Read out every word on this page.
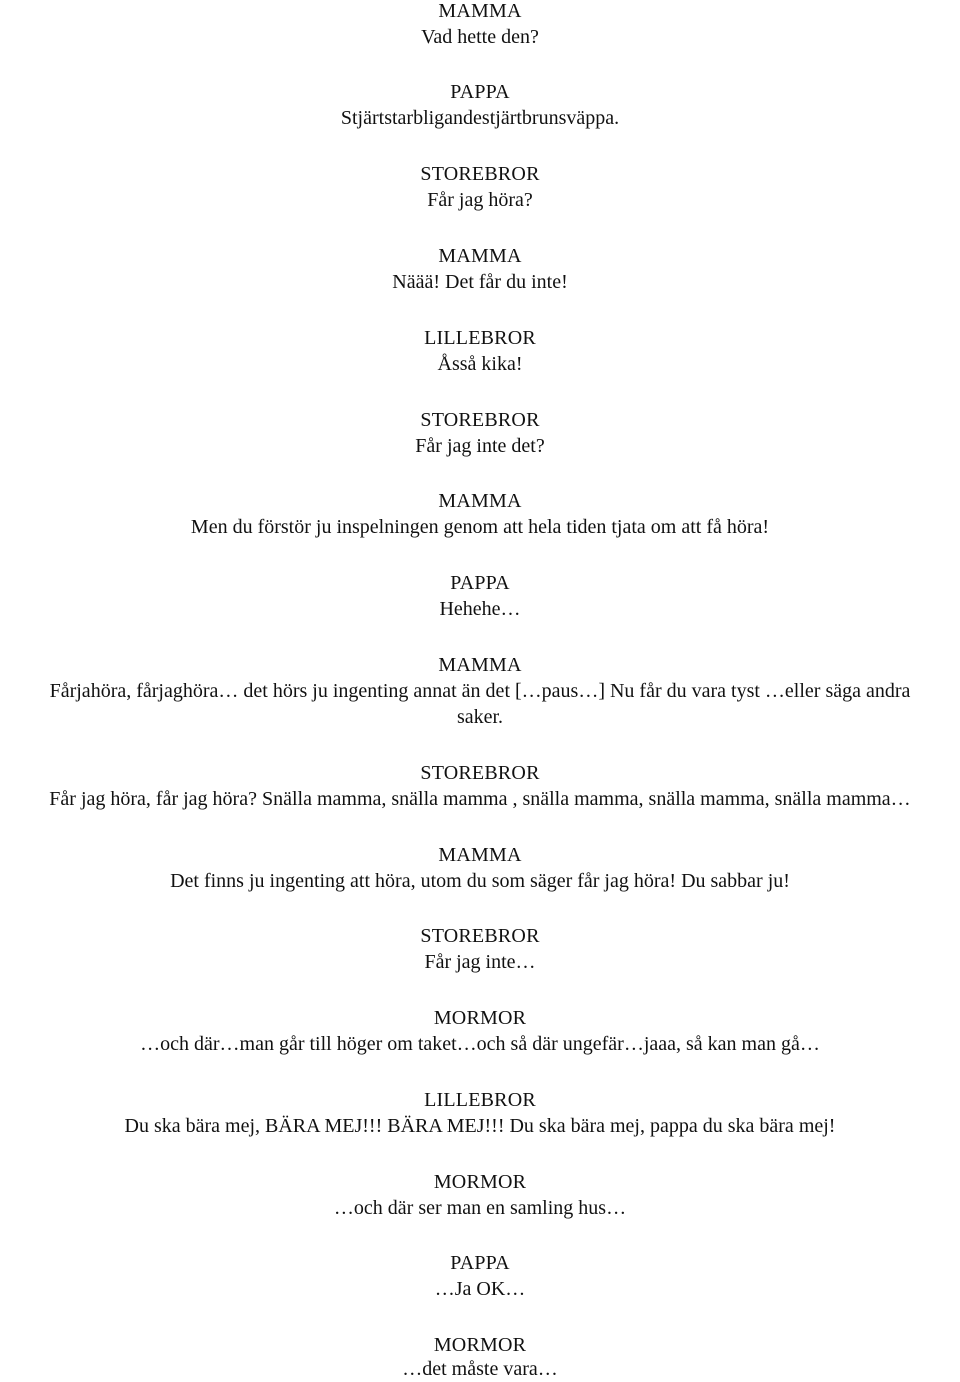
MAMMA
Vad hette den?
PAPPA
Stjärtstarbligandestjärtbrunsväppa.
STOREBROR
Får jag höra?
MAMMA
Näää! Det får du inte!
LILLEBROR
Åsså kika!
STOREBROR
Får jag inte det?
MAMMA
Men du förstör ju inspelningen genom att hela tiden tjata om att få höra!
PAPPA
Hehehe…
MAMMA
Fårjahöra, fårjaghöra… det hörs ju ingenting annat än det […paus…] Nu får du vara tyst …eller säga andra
saker.
STOREBROR
Får jag höra, får jag höra? Snälla mamma, snälla mamma , snälla mamma, snälla mamma, snälla mamma…
MAMMA
Det finns ju ingenting att höra, utom du som säger får jag höra! Du sabbar ju!
STOREBROR
Får jag inte…
MORMOR
…och där…man går till höger om taket…och så där ungefär…jaaa, så kan man gå…
LILLEBROR
Du ska bära mej, BÄRA MEJ!!! BÄRA MEJ!!! Du ska bära mej, pappa du ska bära mej!
MORMOR
…och där ser man en samling hus…
PAPPA
…Ja OK…
MORMOR
…det måste vara…
